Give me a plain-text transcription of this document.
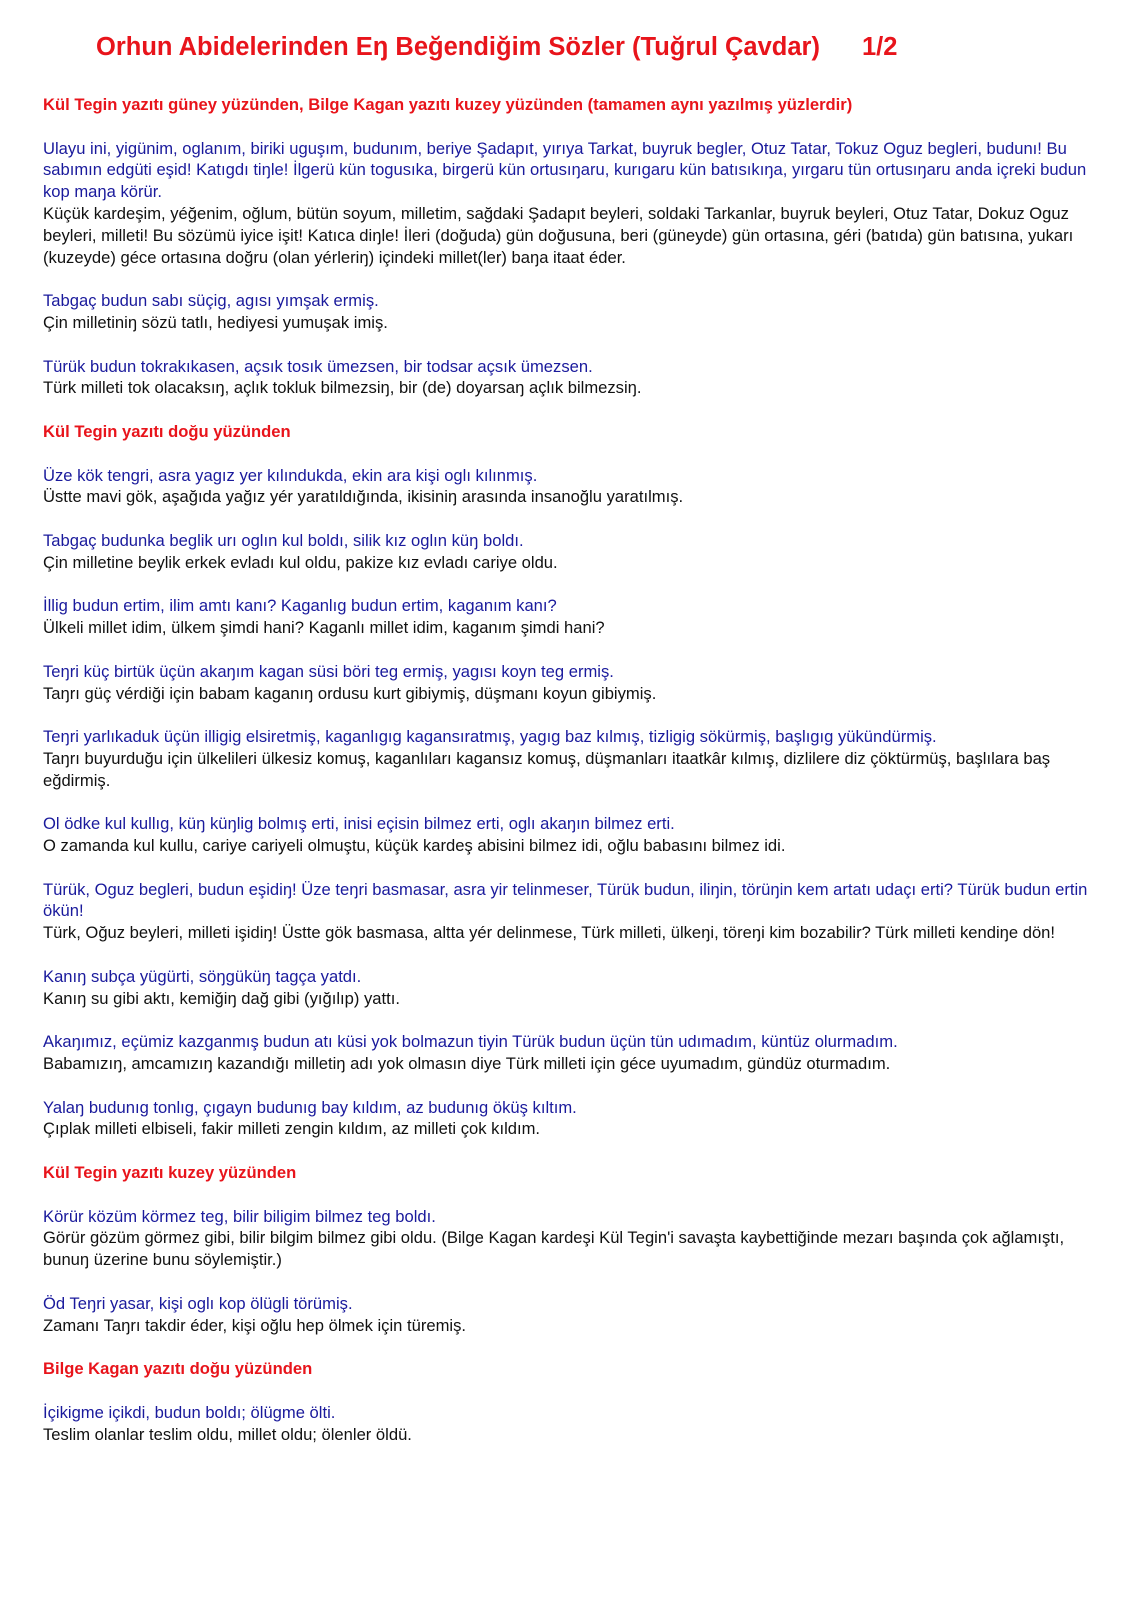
Orhun Abidelerinden Eŋ Beğendiğim Sözler (Tuğrul Çavdar) 1/2
Kül Tegin yazıtı güney yüzünden, Bilge Kagan yazıtı kuzey yüzünden (tamamen aynı yazılmış yüzlerdir)
Ulayu ini, yigünim, oglanım, biriki uguşım, budunım, beriye Şadapıt, yırıya Tarkat, buyruk begler, Otuz Tatar, Tokuz Oguz begleri, budunı! Bu sabımın edgüti eşid! Katıgdı tiŋle! İlgerü kün togusıka, birgerü kün ortusıŋaru, kurıgaru kün batısıkıŋa, yırgaru tün ortusıŋaru anda içreki budun kop maŋa körür.
Küçük kardeşim, yéğenim, oğlum, bütün soyum, milletim, sağdaki Şadapıt beyleri, soldaki Tarkanlar, buyruk beyleri, Otuz Tatar, Dokuz Oguz beyleri, milleti! Bu sözümü iyice işit! Katıca diŋle! İleri (doğuda) gün doğusuna, beri (güneyde) gün ortasına, géri (batıda) gün batısına, yukarı (kuzeyde) géce ortasına doğru (olan yérleriŋ) içindeki millet(ler) baŋa itaat éder.
Tabgaç budun sabı süçig, agısı yımşak ermiş.
Çin milletiniŋ sözü tatlı, hediyesi yumuşak imiş.
Türük budun tokrakıkasen, açsık tosık ümezsen, bir todsar açsık ümezsen.
Türk milleti tok olacaksıŋ, açlık tokluk bilmezsiŋ, bir (de) doyarsaŋ açlık bilmezsiŋ.
Kül Tegin yazıtı doğu yüzünden
Üze kök tengri, asra yagız yer kılındukda, ekin ara kişi oglı kılınmış.
Üstte mavi gök, aşağıda yağız yér yaratıldığında, ikisiniŋ arasında insanoğlu yaratılmış.
Tabgaç budunka beglik urı oglın kul boldı, silik kız oglın küŋ boldı.
Çin milletine beylik erkek evladı kul oldu, pakize kız evladı cariye oldu.
İllig budun ertim, ilim amtı kanı? Kaganlıg budun ertim, kaganım kanı?
Ülkeli millet idim, ülkem şimdi hani? Kaganlı millet idim, kaganım şimdi hani?
Teŋri küç birtük üçün akaŋım kagan süsi böri teg ermiş, yagısı koyn teg ermiş.
Taŋrı güç vérdiği için babam kaganıŋ ordusu kurt gibiymiş, düşmanı koyun gibiymiş.
Teŋri yarlıkaduk üçün illigig elsiretmiş, kaganlıgıg kagansıratmış, yagıg baz kılmış, tizligig sökürmiş, başlıgıg yükündürmiş.
Taŋrı buyurduğu için ülkelileri ülkesiz komuş, kaganlıları kagansız komuş, düşmanları itaatkâr kılmış, dizlilere diz çöktürmüş, başlılara baş eğdirmiş.
Ol ödke kul kullıg, küŋ küŋlig bolmış erti, inisi eçisin bilmez erti, oglı akaŋın bilmez erti.
O zamanda kul kullu, cariye cariyeli olmuştu, küçük kardeş abisini bilmez idi, oğlu babasını bilmez idi.
Türük, Oguz begleri, budun eşidiŋ! Üze teŋri basmasar, asra yir telinmeser, Türük budun, iliŋin, törüŋin kem artatı udaçı erti? Türük budun ertin ökün!
Türk, Oğuz beyleri, milleti işidiŋ! Üstte gök basmasa, altta yér delinmese, Türk milleti, ülkeŋi, töreŋi kim bozabilir? Türk milleti kendiŋe dön!
Kanıŋ subça yügürti, söŋgüküŋ tagça yatdı.
Kanıŋ su gibi aktı, kemiğiŋ dağ gibi (yığılıp) yattı.
Akaŋımız, eçümiz kazganmış budun atı küsi yok bolmazun tiyin Türük budun üçün tün udımadım, küntüz olurmadım.
Babamızıŋ, amcamızıŋ kazandığı milletiŋ adı yok olmasın diye Türk milleti için géce uyumadım, gündüz oturmadım.
Yalaŋ budunıg tonlıg, çıgayn budunıg bay kıldım, az budunıg öküş kıltım.
Çıplak milleti elbiseli, fakir milleti zengin kıldım, az milleti çok kıldım.
Kül Tegin yazıtı kuzey yüzünden
Körür közüm körmez teg, bilir biligim bilmez teg boldı.
Görür gözüm görmez gibi, bilir bilgim bilmez gibi oldu. (Bilge Kagan kardeşi Kül Tegin'i savaşta kaybettiğinde mezarı başında çok ağlamıştı, bunuŋ üzerine bunu söylemiştir.)
Öd Teŋri yasar, kişi oglı kop ölügli törümiş.
Zamanı Taŋrı takdir éder, kişi oğlu hep ölmek için türemiş.
Bilge Kagan yazıtı doğu yüzünden
İçikigme içikdi, budun boldı; ölügme ölti.
Teslim olanlar teslim oldu, millet oldu; ölenler öldü.
